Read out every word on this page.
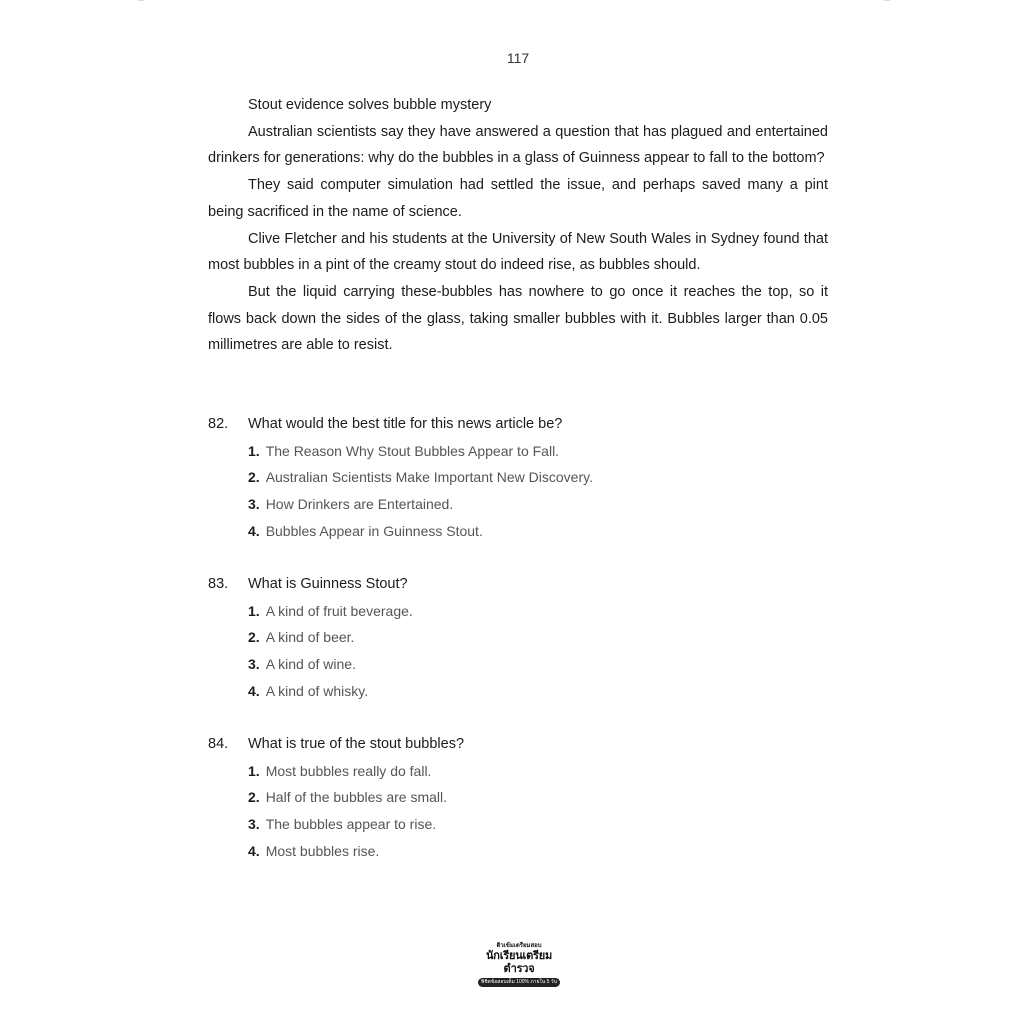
117

Stout evidence solves bubble mystery

Australian scientists say they have answered a question that has plagued and entertained drinkers for generations: why do the bubbles in a glass of Guinness appear to fall to the bottom?

They said computer simulation had settled the issue, and perhaps saved many a pint being sacrificed in the name of science.

Clive Fletcher and his students at the University of New South Wales in Sydney found that most bubbles in a pint of the creamy stout do indeed rise, as bubbles should.

But the liquid carrying these-bubbles has nowhere to go once it reaches the top, so it flows back down the sides of the glass, taking smaller bubbles with it. Bubbles larger than 0.05 millimetres are able to resist.

82.	What would the best title for this news article be?
1. The Reason Why Stout Bubbles Appear to Fall.
2. Australian Scientists Make Important New Discovery.
3. How Drinkers are Entertained.
4. Bubbles Appear in Guinness Stout.
83.	What is Guinness Stout?
1. A kind of fruit beverage.
2. A kind of beer.
3. A kind of wine.
4. A kind of whisky.
84.	What is true of the stout bubbles?
1. Most bubbles really do fall.
2. Half of the bubbles are small.
3. The bubbles appear to rise.
4. Most bubbles rise.
ติวเข้มเตรียมสอบ
นักเรียนเตรียมตำรวจ
พิชิตข้อสอบเต็ม 100% ภายใน 5 วัน
